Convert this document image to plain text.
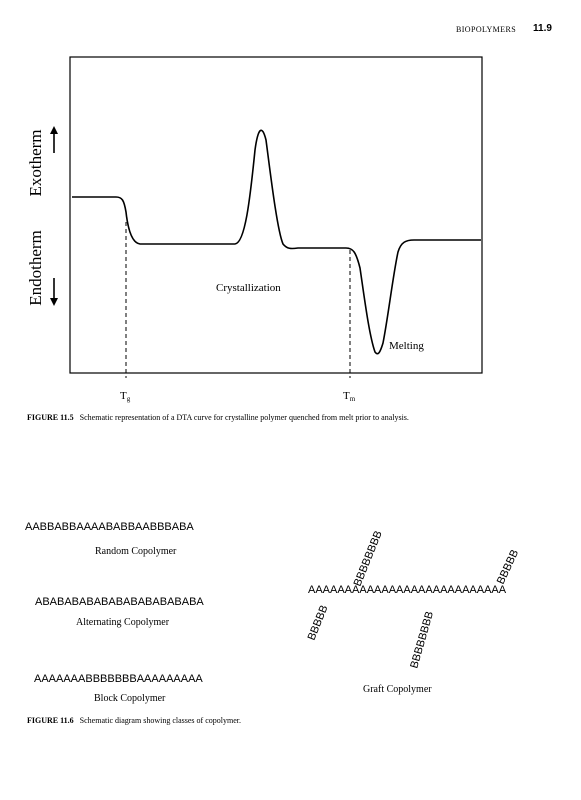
BIOPOLYMERS 11.9
Exotherm
Endotherm	Crystallization
Melting
Tg	Tm
FIGURE 11.5 Schematic representation of a DTA curve for crystalline polymer quenched from melt prior to analysis.
AABBABBAAAABABBAABBBABA
Random Copolymer
ABABABABABABABABABABABA
Alternating Copolymer
AAAAAAABBBBBBBAAAAAAAAA
Block Copolymer
AAAAAAAAAAAAAAAAAAAAAAAAAAA
BBBBBBBB	BBBBB
BBBBB	BBBBBBBB
Graft Copolymer
FIGURE 11.6 Schematic diagram showing classes of copolymer.
